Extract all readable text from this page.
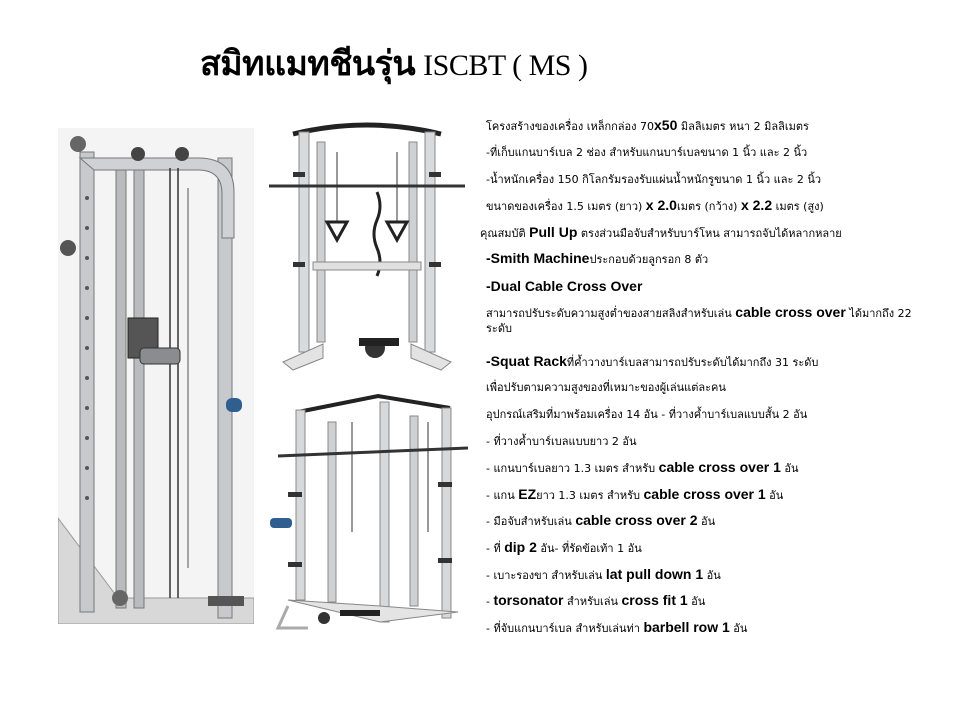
สมิทแมทชีนรุ่น ISCBT ( MS )
โครงสร้างของเครื่อง เหล็กกล่อง 70x50 มิลลิเมตร หนา 2 มิลลิเมตร
-ที่เก็บแกนบาร์เบล 2 ช่อง สำหรับแกนบาร์เบลขนาด 1 นิ้ว และ 2 นิ้ว
-น้ำหนักเครื่อง 150 กิโลกรัมรองรับแผ่นน้ำหนักรูขนาด 1 นิ้ว และ 2 นิ้ว
ขนาดของเครื่อง 1.5 เมตร (ยาว) x 2.0เมตร (กว้าง) x 2.2 เมตร (สูง)
คุณสมบัติ Pull Up ตรงส่วนมือจับสำหรับบาร์โหน สามารถจับได้หลากหลาย
-Smith Machineประกอบด้วยลูกรอก 8 ตัว
-Dual Cable Cross Over
สามารถปรับระดับความสูงต่ำของสายสลิงสำหรับเล่น cable cross over ได้มากถึง 22 ระดับ
-Squat Rackที่ค้ำวางบาร์เบลสามารถปรับระดับได้มากถึง 31 ระดับ
เพื่อปรับตามความสูงของที่เหมาะของผู้เล่นแต่ละคน
อุปกรณ์เสริมที่มาพร้อมเครื่อง 14 อัน - ที่วางค้ำบาร์เบลแบบสั้น 2 อัน
- ที่วางค้ำบาร์เบลแบบยาว 2 อัน
- แกนบาร์เบลยาว 1.3 เมตร สำหรับ cable cross over 1 อัน
- แกน EZยาว 1.3 เมตร สำหรับ cable cross over 1 อัน
- มือจับสำหรับเล่น cable cross over 2 อัน
- ที่ dip 2 อัน- ที่รัดข้อเท้า 1 อัน
- เบาะรองขา สำหรับเล่น lat pull down 1 อัน
- torsonator สำหรับเล่น cross fit 1 อัน
- ที่จับแกนบาร์เบล สำหรับเล่นท่า barbell row 1 อัน
